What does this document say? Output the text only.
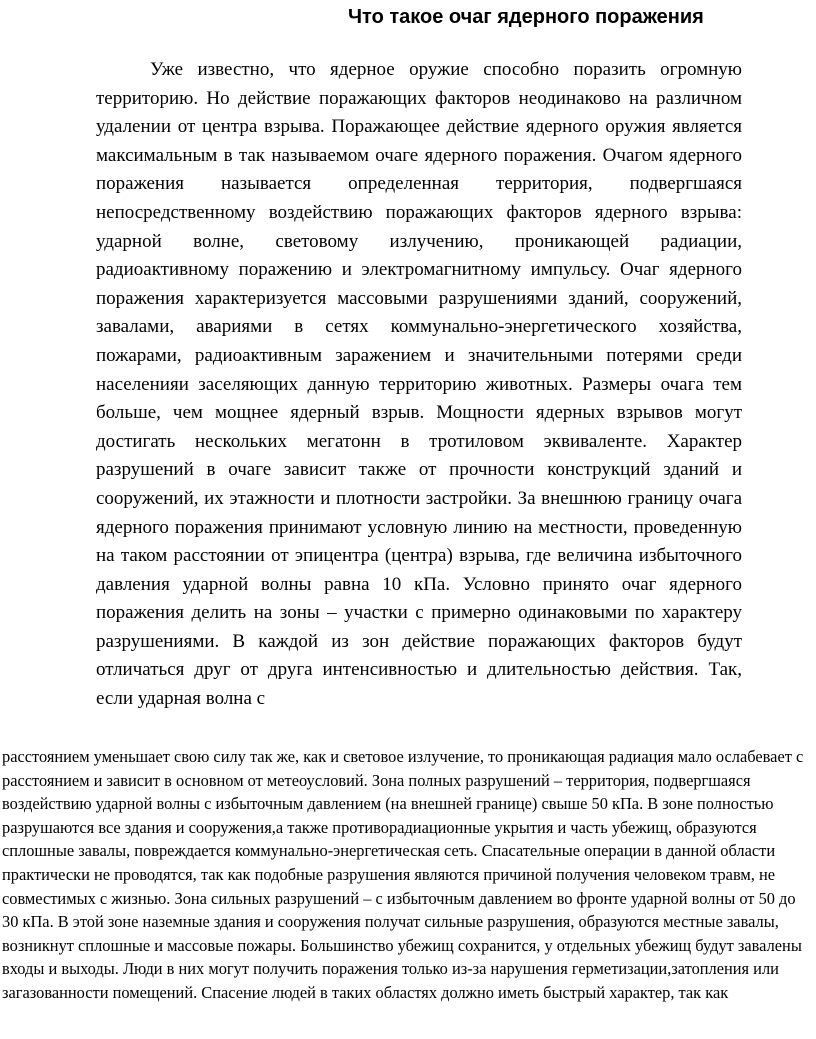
Что такое очаг ядерного поражения

Уже известно, что ядерное оружие способно поразить огромную территорию. Но действие поражающих факторов неодинаково на различном удалении от центра взрыва. Поражающее действие ядерного оружия является максимальным в так называемом очаге ядерного поражения. Очагом ядерного поражения называется определенная территория, подвергшаяся непосредственному воздействию поражающих факторов ядерного взрыва: ударной волне, световому излучению, проникающей радиации, радиоактивному поражению и электромагнитному импульсу. Очаг ядерного поражения характеризуется массовыми разрушениями зданий, сооружений, завалами, авариями в сетях коммунально-энергетического хозяйства, пожарами, радиоактивным заражением и значительными потерями среди населенияи заселяющих данную территорию животных. Размеры очага тем больше, чем мощнее ядерный взрыв. Мощности ядерных взрывов могут достигать нескольких мегатонн в тротиловом эквиваленте. Характер разрушений в очаге зависит также от прочности конструкций зданий и сооружений, их этажности и плотности застройки. За внешнюю границу очага ядерного поражения принимают условную линию на местности, проведенную на таком расстоянии от эпицентра (центра) взрыва, где величина избыточного давления ударной волны равна 10 кПа. Условно принято очаг ядерного поражения делить на зоны – участки с примерно одинаковыми по характеру разрушениями. В каждой из зон действие поражающих факторов будут отличаться друг от друга интенсивностью и длительностью действия. Так, если ударная волна с

расстоянием уменьшает свою силу так же, как и световое излучение, то проникающая радиация мало ослабевает с расстоянием и зависит в основном от метеоусловий. Зона полных разрушений – территория, подвергшаяся воздействию ударной волны с избыточным давлением (на внешней границе) свыше 50 кПа. В зоне полностью разрушаются все здания и сооружения,а также противорадиационные укрытия и часть убежищ, образуются сплошные завалы, повреждается коммунально-энергетическая сеть. Спасательные операции в данной области практически не проводятся, так как подобные разрушения являются причиной получения человеком травм, не совместимых с жизнью. Зона сильных разрушений – с избыточным давлением во фронте ударной волны от 50 до 30 кПа. В этой зоне наземные здания и сооружения получат сильные разрушения, образуются местные завалы, возникнут сплошные и массовые пожары. Большинство убежищ сохранится, у отдельных убежищ будут завалены входы и выходы. Люди в них могут получить поражения только из-за нарушения герметизации,затопления или загазованности помещений. Спасение людей в таких областях должно иметь быстрый характер, так как
